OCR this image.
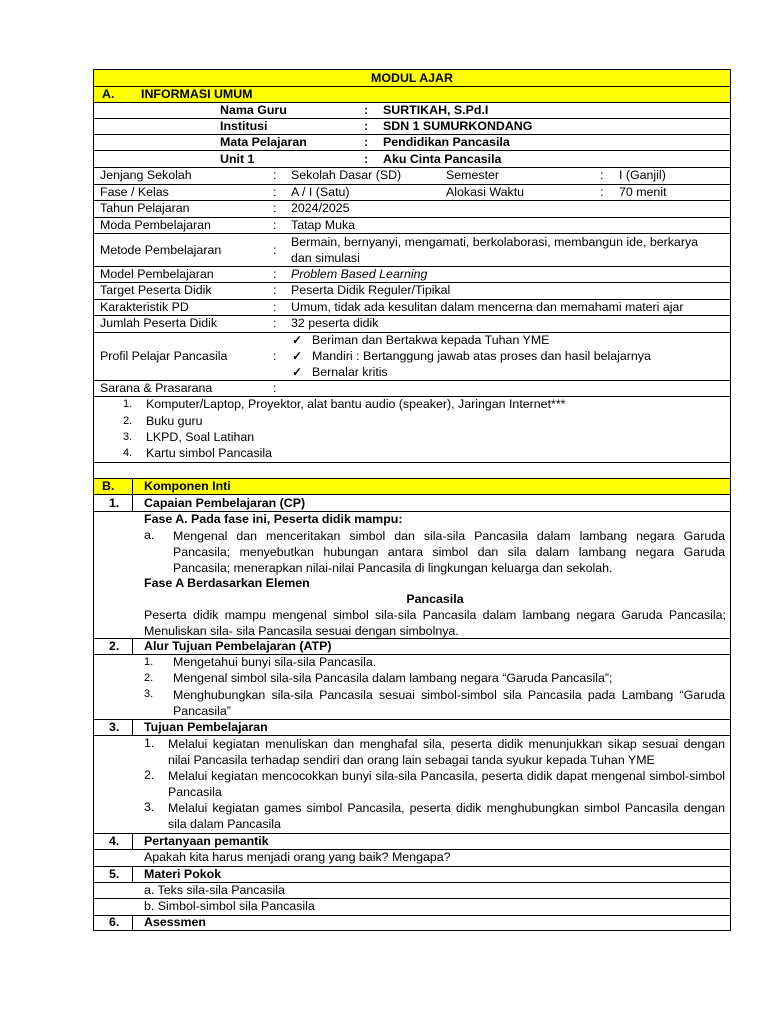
MODUL AJAR
A. INFORMASI UMUM
Nama Guru	: SURTIKAH, S.Pd.I
Institusi	: SDN 1 SUMURKONDANG
Mata Pelajaran	: Pendidikan Pancasila
Unit 1	: Aku Cinta Pancasila
Jenjang Sekolah	: Sekolah Dasar (SD)	Semester	: I (Ganjil)
Fase / Kelas	: A / I (Satu)	Alokasi Waktu	: 70 menit
Tahun Pelajaran	: 2024/2025
Moda Pembelajaran	: Tatap Muka
Metode Pembelajaran	:
Bermain, bernyanyi, mengamati, berkolaborasi, membangun ide, berkarya
dan simulasi
Model Pembelajaran	: Problem Based Learning
Target Peserta Didik	: Peserta Didik Reguler/Tipikal
Karakteristik PD	: Umum, tidak ada kesulitan dalam mencerna dan memahami materi ajar
Jumlah Peserta Didik	: 32 peserta didik
Profil Pelajar Pancasila	:
✓ Beriman dan Bertakwa kepada Tuhan YME
✓ Mandiri : Bertanggung jawab atas proses dan hasil belajarnya
✓ Bernalar kritis
Sarana & Prasarana	:
1. Komputer/Laptop, Proyektor, alat bantu audio (speaker), Jaringan Internet***
2. Buku guru
3. LKPD, Soal Latihan
4. Kartu simbol Pancasila
B. Komponen Inti
1. Capaian Pembelajaran (CP)
Fase A. Pada fase ini, Peserta didik mampu:
a. Mengenal dan menceritakan simbol dan sila-sila Pancasila dalam lambang negara Garuda Pancasila; menyebutkan hubungan antara simbol dan sila dalam lambang negara Garuda Pancasila; menerapkan nilai-nilai Pancasila di lingkungan keluarga dan sekolah.
Fase A Berdasarkan Elemen
Pancasila
Peserta didik mampu mengenal simbol sila-sila Pancasila dalam lambang negara Garuda Pancasila; Menuliskan sila- sila Pancasila sesuai dengan simbolnya.
2. Alur Tujuan Pembelajaran (ATP)
1. Mengetahui bunyi sila-sila Pancasila.
2. Mengenal simbol sila-sila Pancasila dalam lambang negara “Garuda Pancasila”;
3. Menghubungkan sila-sila Pancasila sesuai simbol-simbol sila Pancasila pada Lambang “Garuda Pancasila”
3. Tujuan Pembelajaran
1. Melalui kegiatan menuliskan dan menghafal sila, peserta didik menunjukkan sikap sesuai dengan nilai Pancasila terhadap sendiri dan orang lain sebagai tanda syukur kepada Tuhan YME
2. Melalui kegiatan mencocokkan bunyi sila-sila Pancasila, peserta didik dapat mengenal simbol-simbol Pancasila
3. Melalui kegiatan games simbol Pancasila, peserta didik menghubungkan simbol Pancasila dengan sila dalam Pancasila
4. Pertanyaan pemantik
Apakah kita harus menjadi orang yang baik? Mengapa?
5. Materi Pokok
a. Teks sila-sila Pancasila
b. Simbol-simbol sila Pancasila
6. Asessmen
